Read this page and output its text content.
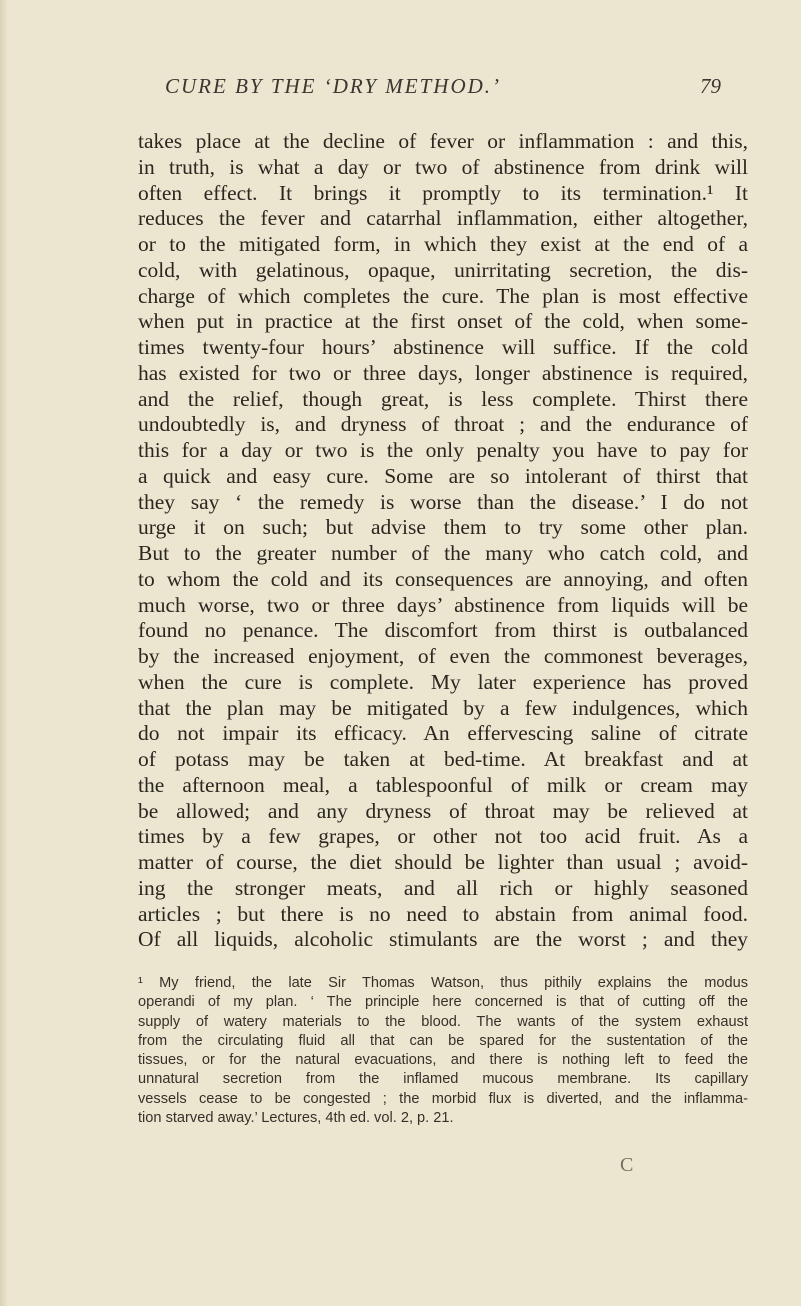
CURE BY THE ‘DRY METHOD.’	79
takes place at the decline of fever or inflammation : and this,
in truth, is what a day or two of abstinence from drink will
often effect. It brings it promptly to its termination.¹ It
reduces the fever and catarrhal inflammation, either altogether,
or to the mitigated form, in which they exist at the end of a
cold, with gelatinous, opaque, unirritating secretion, the dis-
charge of which completes the cure. The plan is most effective
when put in practice at the first onset of the cold, when some-
times twenty-four hours’ abstinence will suffice. If the cold
has existed for two or three days, longer abstinence is required,
and the relief, though great, is less complete. Thirst there
undoubtedly is, and dryness of throat ; and the endurance of
this for a day or two is the only penalty you have to pay for
a quick and easy cure. Some are so intolerant of thirst that
they say ‘ the remedy is worse than the disease.’ I do not
urge it on such; but advise them to try some other plan.
But to the greater number of the many who catch cold, and
to whom the cold and its consequences are annoying, and often
much worse, two or three days’ abstinence from liquids will be
found no penance. The discomfort from thirst is outbalanced
by the increased enjoyment, of even the commonest beverages,
when the cure is complete. My later experience has proved
that the plan may be mitigated by a few indulgences, which
do not impair its efficacy. An effervescing saline of citrate
of potass may be taken at bed-time. At breakfast and at
the afternoon meal, a tablespoonful of milk or cream may
be allowed; and any dryness of throat may be relieved at
times by a few grapes, or other not too acid fruit. As a
matter of course, the diet should be lighter than usual ; avoid-
ing the stronger meats, and all rich or highly seasoned
articles ; but there is no need to abstain from animal food.
Of all liquids, alcoholic stimulants are the worst ; and they
¹ My friend, the late Sir Thomas Watson, thus pithily explains the modus
operandi of my plan. ‘ The principle here concerned is that of cutting off the
supply of watery materials to the blood. The wants of the system exhaust
from the circulating fluid all that can be spared for the sustentation of the
tissues, or for the natural evacuations, and there is nothing left to feed the
unnatural secretion from the inflamed mucous membrane. Its capillary
vessels cease to be congested ; the morbid flux is diverted, and the inflamma-
tion starved away.’ Lectures, 4th ed. vol. 2, p. 21.
C
